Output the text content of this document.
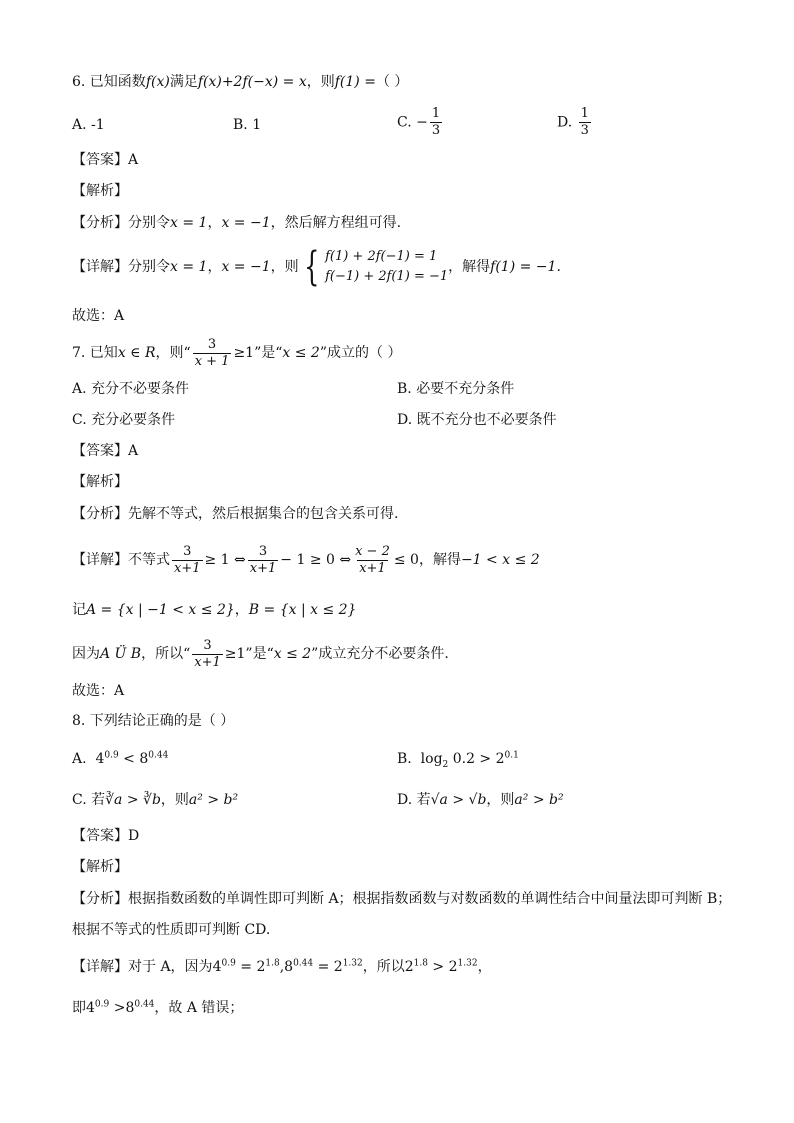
6. 已知函数f(x)满足f(x)+2f(−x) = x，则f(1) =（ ）
A. -1	B. 1	C. − $\frac{1}{3}$	D. $\frac{1}{3}$
【答案】A
【解析】
【分析】分别令x = 1，x = −1，然后解方程组可得.
【详解】 分别令 x = 1 ， x = −1 ，则 { f(1) + 2f(−1) = 1
f(−1) + 2f(1) = −1
，解得 f(1) = −1.
故选：A
7. 已知 x ∈ R ，则“ $\frac{3}{x + 1} \ge 1$”是“ x ≤ 2 ”成立的（ ）
A. 充分不必要条件	B. 必要不充分条件
C. 充分必要条件	D. 既不充分也不必要条件
【答案】A
【解析】
【分析】先解不等式，然后根据集合的包含关系可得.
【详解】 不等式 $\frac{3}{x+1} \ge 1$ ⇔ $\frac{3}{x+1} - 1 \ge 0$ ⇔ $\frac{x - 2}{x+1} \le 0$ ，解得 −1 < x ≤ 2
记A = {x | −1 < x ≤ 2}，B = {x | x ≤ 2}
因为 A Ü B ，所以“ $\frac{3}{x+1} \ge 1$”是“ x ≤ 2 ”成立充分不必要条件.
故选：A
8. 下列结论正确的是（ ）
A. $4^{0.9} < 8^{0.44}$	B. $\log_2 0.2 > 2^{0.1}$
C. 若∛a > ∛b，则a² > b²	D. 若√a > √b，则a² > b²
【答案】D
【解析】
【分析】根据指数函数的单调性即可判断 A；根据指数函数与对数函数的单调性结合中间量法即可判断 B；
根据不等式的性质即可判断 CD.
【详解】对于 A，因为$4^{0.9} = 2^{1.8},8^{0.44} = 2^{1.32}$，所以$2^{1.8} > 2^{1.32}$，
即$4^{0.9} >8^{0.44}$，故 A 错误；
